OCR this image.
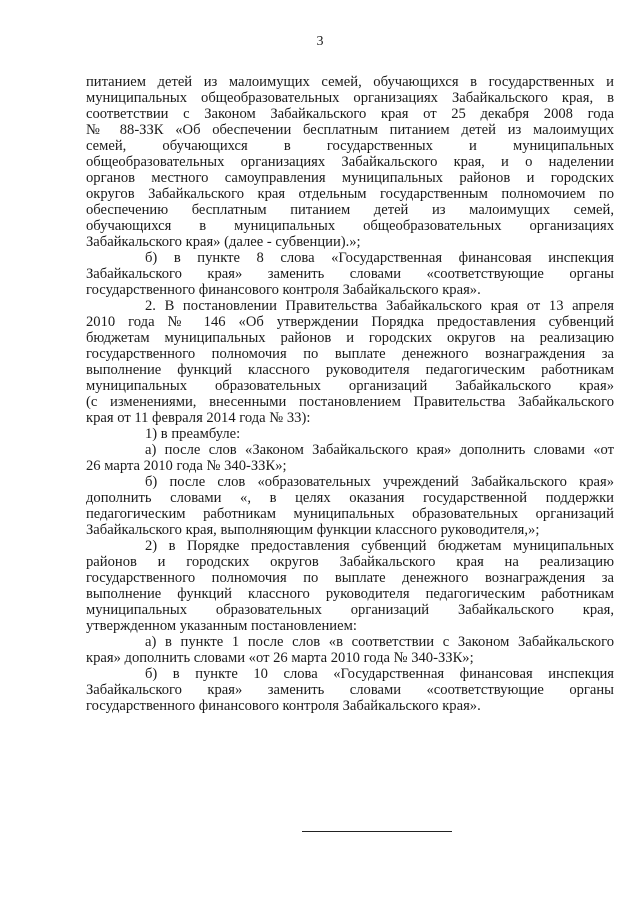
3
питанием детей из малоимущих семей, обучающихся в государственных и
муниципальных общеобразовательных организациях Забайкальского края, в
соответствии с Законом Забайкальского края от 25 декабря 2008 года
№ 88-ЗЗК «Об обеспечении бесплатным питанием детей из малоимущих
семей, обучающихся в государственных и муниципальных
общеобразовательных организациях Забайкальского края, и о наделении
органов местного самоуправления муниципальных районов и городских
округов Забайкальского края отдельным государственным полномочием по
обеспечению бесплатным питанием детей из малоимущих семей,
обучающихся в муниципальных общеобразовательных организациях
Забайкальского края» (далее - субвенции).»;
б) в пункте 8 слова «Государственная финансовая инспекция
Забайкальского края» заменить словами «соответствующие органы
государственного финансового контроля Забайкальского края».
2. В постановлении Правительства Забайкальского края от 13 апреля
2010 года № 146 «Об утверждении Порядка предоставления субвенций
бюджетам муниципальных районов и городских округов на реализацию
государственного полномочия по выплате денежного вознаграждения за
выполнение функций классного руководителя педагогическим работникам
муниципальных образовательных организаций Забайкальского края»
(с изменениями, внесенными постановлением Правительства Забайкальского
края от 11 февраля 2014 года № 33):
1) в преамбуле:
а) после слов «Законом Забайкальского края» дополнить словами «от
26 марта 2010 года № 340-ЗЗК»;
б) после слов «образовательных учреждений Забайкальского края»
дополнить словами «, в целях оказания государственной поддержки
педагогическим работникам муниципальных образовательных организаций
Забайкальского края, выполняющим функции классного руководителя,»;
2) в Порядке предоставления субвенций бюджетам муниципальных
районов и городских округов Забайкальского края на реализацию
государственного полномочия по выплате денежного вознаграждения за
выполнение функций классного руководителя педагогическим работникам
муниципальных образовательных организаций Забайкальского края,
утвержденном указанным постановлением:
а) в пункте 1 после слов «в соответствии с Законом Забайкальского
края» дополнить словами «от 26 марта 2010 года № 340-ЗЗК»;
б) в пункте 10 слова «Государственная финансовая инспекция
Забайкальского края» заменить словами «соответствующие органы
государственного финансового контроля Забайкальского края».
